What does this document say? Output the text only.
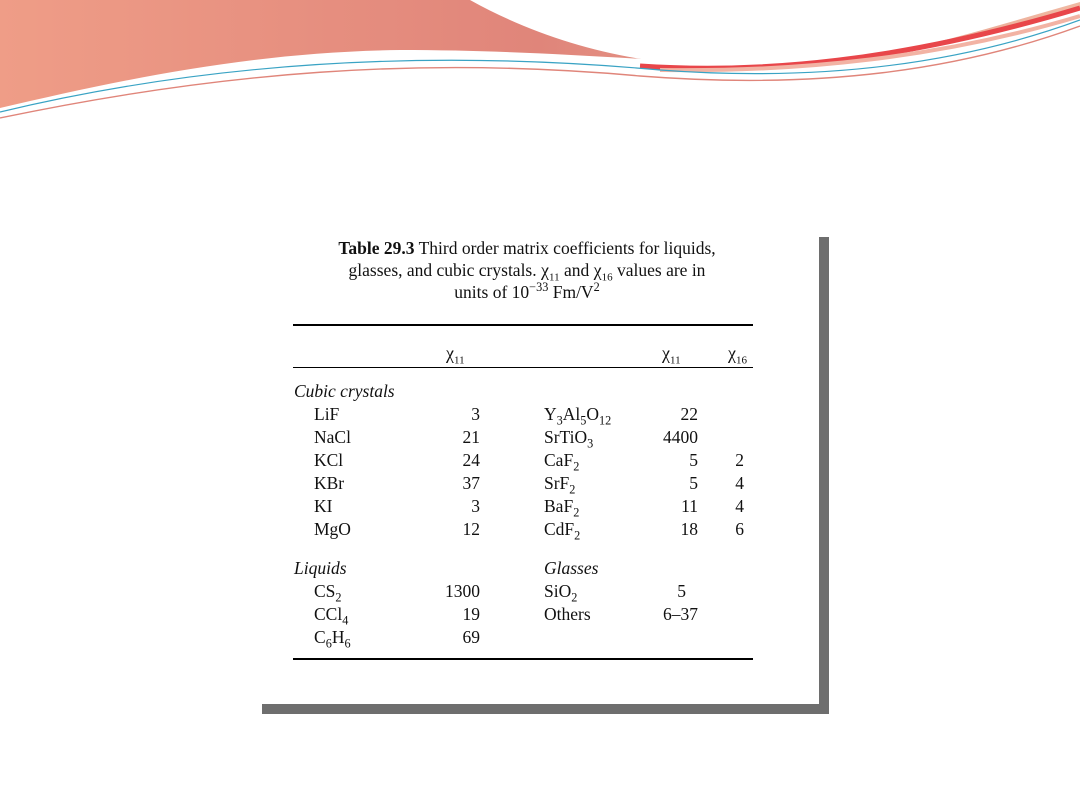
Table 29.3 Third order matrix coefficients for liquids,
glasses, and cubic crystals. $\chi_{11}$ and $\chi_{16}$ values are in
units of $10^{-33}$ $Fm/V^2$
$\chi_{11}$	$\chi_{11}$	$\chi_{16}$
Cubic crystals
LiF
NaCl
KCl
KBr
KI
MgO
3
21
24
37
3
12
$Y_3Al_5O_{12}$
SrTiO$_3$
CaF$_2$
SrF$_2$
BaF$_2$
CdF$_2$
22
4400
5
5
11
18
2
4
4
6
Liquids
$CS_2$
CCl$_4$
$C_6H_6$
1300
19
69
Glasses
SiO$_2$
Others
5
6–37
